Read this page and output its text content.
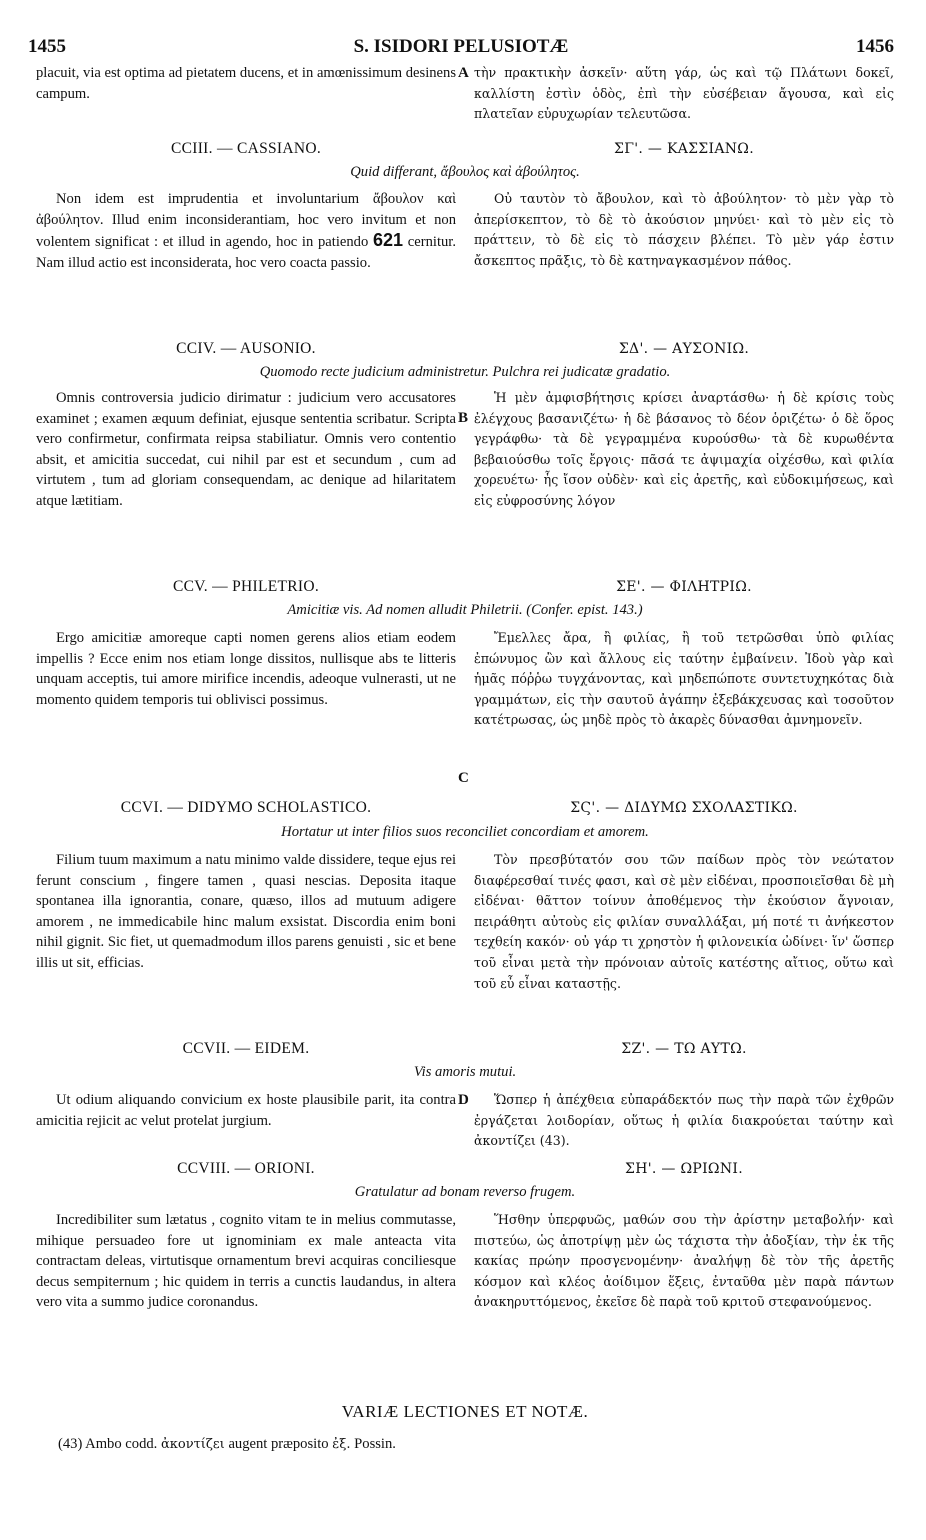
1455	S. ISIDORI PELUSIOTÆ	1456
placuit, via est optima ad pietatem ducens, et in amœnissimum desinens campum.
A τὴν πρακτικὴν ἀσκεῖν· αὕτη γάρ, ὡς καὶ τῷ Πλάτωνι δοκεῖ, καλλίστη ἐστὶν ὁδὸς, ἐπὶ τὴν εὐσέβειαν ἄγουσα, καὶ εἰς πλατεῖαν εὐρυχωρίαν τελευτῶσα.
CCIII. — CASSIANO.	ΣΓ'. — ΚΑΣΣΙΑΝΩ.
Quid differant, ἄβουλος καὶ ἀβούλητος.
Non idem est imprudentia et involuntarium ἄβουλον καὶ ἀβούλητον. Illud enim inconsiderantiam, hoc vero invitum et non volentem significat : et illud in agendo, hoc in patiendo 621 cernitur. Nam illud actio est inconsiderata, hoc vero coacta passio.
Οὐ ταυτὸν τὸ ἄβουλον, καὶ τὸ ἀβούλητον· τὸ μὲν γὰρ τὸ ἀπερίσκεπτον, τὸ δὲ τὸ ἀκούσιον μηνύει· καὶ τὸ μὲν εἰς τὸ πράττειν, τὸ δὲ εἰς τὸ πάσχειν βλέπει. Τὸ μὲν γάρ ἐστιν ἄσκεπτος πρᾶξις, τὸ δὲ κατηναγκασμένον πάθος.
CCIV. — AUSONIO.	ΣΔ'. — ΑΥΣΟΝΙΩ.
Quomodo recte judicium administretur. Pulchra rei judicatæ gradatio.
Omnis controversia judicio dirimatur : judicium vero accusatores examinet ; examen æquum definiat, ejusque sententia scribatur. Scripta vero confirmetur, confirmata reipsa stabiliatur. Omnis vero contentio absit, et amicitia succedat, cui nihil par est et secundum , cum ad virtutem , tum ad gloriam consequendam, ac denique ad hilaritatem atque lætitiam.
B
Ἡ μὲν ἀμφισβήτησις κρίσει ἀναρτάσθω· ἡ δὲ κρίσις τοὺς ἐλέγχους βασανιζέτω· ἡ δὲ βάσανος τὸ δέον ὁριζέτω· ὁ δὲ ὅρος γεγράφθω· τὰ δὲ γεγραμμένα κυρούσθω· τὰ δὲ κυρωθέντα βεβαιούσθω τοῖς ἔργοις· πᾶσά τε ἀψιμαχία οἰχέσθω, καὶ φιλία χορευέτω· ἧς ἴσον οὐδὲν· καὶ εἰς ἀρετῆς, καὶ εὐδοκιμήσεως, καὶ εἰς εὐφροσύνης λόγον
CCV. — PHILETRIO.	ΣΕ'. — ΦΙΛΗΤΡΙΩ.
Amicitiæ vis. Ad nomen alludit Philetrii. (Confer. epist. 143.)
Ergo amicitiæ amoreque capti nomen gerens alios etiam eodem impellis ? Ecce enim nos etiam longe dissitos, nullisque abs te litteris unquam acceptis, tui amore mirifice incendis, adeoque vulnerasti, ut ne momento quidem temporis tui oblivisci possimus.
C
Ἔμελλες ἄρα, ἢ φιλίας, ἢ τοῦ τετρῶσθαι ὑπὸ φιλίας ἐπώνυμος ὢν καὶ ἄλλους εἰς ταύτην ἐμβαίνειν. Ἰδοὺ γὰρ καὶ ἡμᾶς πόῤῥω τυγχάνοντας, καὶ μηδεπώποτε συντετυχηκότας διὰ γραμμάτων, εἰς τὴν σαυτοῦ ἀγάπην ἐξεβάκχευσας καὶ τοσοῦτον κατέτρωσας, ὡς μηδὲ πρὸς τὸ ἀκαρὲς δύνασθαι ἀμνημονεῖν.
CCVI. — DIDYMO SCHOLASTICO.	ΣϚ'. — ΔΙΔΥΜΩ ΣΧΟΛΑΣΤΙΚΩ.
Hortatur ut inter filios suos reconciliet concordiam et amorem.
Filium tuum maximum a natu minimo valde dissidere, teque ejus rei ferunt conscium , fingere tamen , quasi nescias. Deposita itaque spontanea illa ignorantia, conare, quæso, illos ad mutuum adigere amorem , ne immedicabile hinc malum exsistat. Discordia enim boni nihil gignit. Sic fiet, ut quemadmodum illos parens genuisti , sic et bene illis ut sit, efficias.
Τὸν πρεσβύτατόν σου τῶν παίδων πρὸς τὸν νεώτατον διαφέρεσθαί τινές φασι, καὶ σὲ μὲν εἰδέναι, προσποιεῖσθαι δὲ μὴ εἰδέναι· θᾶττον τοίνυν ἀποθέμενος τὴν ἑκούσιον ἄγνοιαν, πειράθητι αὐτοὺς εἰς φιλίαν συναλλάξαι, μή ποτέ τι ἀνήκεστον τεχθείη κακόν· οὐ γάρ τι χρηστὸν ἡ φιλονεικία ὠδίνει· ἵν' ὥσπερ τοῦ εἶναι μετὰ τὴν πρόνοιαν αὐτοῖς κατέστης αἴτιος, οὕτω καὶ τοῦ εὖ εἶναι καταστῇς.
CCVII. — EIDEM.	ΣΖ'. — ΤΩ ΑΥΤΩ.
Vis amoris mutui.
Ut odium aliquando convicium ex hoste plausibile parit, ita contra amicitia rejicit ac velut protelat jurgium.
D	Ὥσπερ ἡ ἀπέχθεια εὐπαράδεκτόν πως τὴν παρὰ τῶν ἐχθρῶν ἐργάζεται λοιδορίαν, οὕτως ἡ φιλία διακρούεται ταύτην καὶ ἀκοντίζει (43).
CCVIII. — ORIONI.	ΣΗ'. — ΩΡΙΩΝΙ.
Gratulatur ad bonam reverso frugem.
Incredibiliter sum lætatus , cognito vitam te in melius commutasse, mihique persuadeo fore ut ignominiam ex male anteacta vita contractam deleas, virtutisque ornamentum brevi acquiras conciliesque decus sempiternum ; hic quidem in terris a cunctis laudandus, in altera vero vita a summo judice coronandus.
Ἥσθην ὑπερφυῶς, μαθών σου τὴν ἀρίστην μεταβολήν· καὶ πιστεύω, ὡς ἀποτρίψῃ μὲν ὡς τάχιστα τὴν ἀδοξίαν, τὴν ἐκ τῆς κακίας πρώην προσγενομένην· ἀναλήψῃ δὲ τὸν τῆς ἀρετῆς κόσμον καὶ κλέος ἀοίδιμον ἕξεις, ἐνταῦθα μὲν παρὰ πάντων ἀνακηρυττόμενος, ἐκεῖσε δὲ παρὰ τοῦ κριτοῦ στεφανούμενος.
VARIÆ LECTIONES ET NOTÆ.
(43) Ambo codd. ἀκοντίζει augent præposito ἐξ. Possin.
